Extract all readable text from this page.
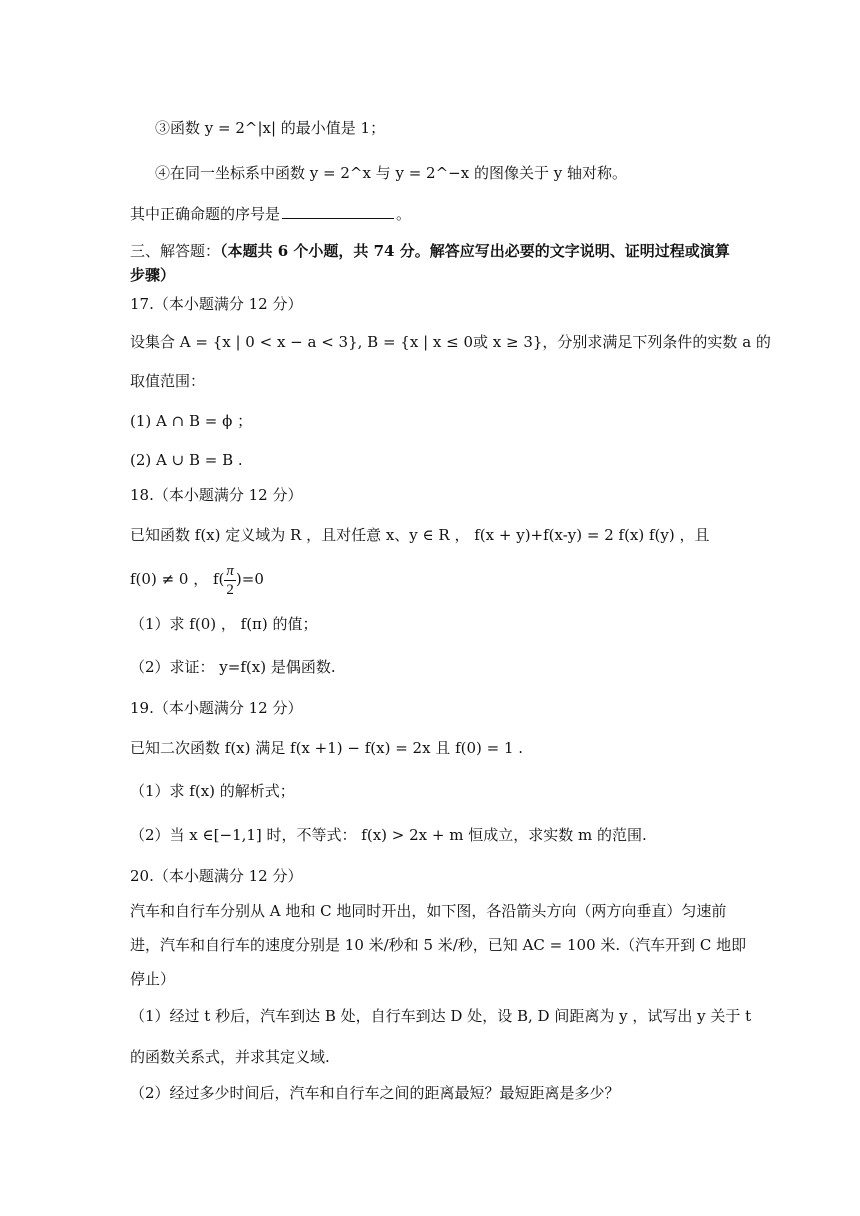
③函数 y = 2^|x| 的最小值是 1；
④在同一坐标系中函数 y = 2^x 与 y = 2^−x 的图像关于 y 轴对称。
其中正确命题的序号是	。
三、解答题：（本题共 6 个小题，共 74 分。解答应写出必要的文字说明、证明过程或演算
步骤）
17.（本小题满分 12 分）
设集合 A = {x | 0 < x − a < 3}, B = {x | x ≤ 0或 x ≥ 3}，分别求满足下列条件的实数 a 的
取值范围：
(1) A ∩ B = ϕ ；
(2) A ∪ B = B .
18.（本小题满分 12 分）
已知函数 f(x) 定义域为 R ，且对任意 x、y ∈ R ， f(x + y)+f(x-y) = 2 f(x) f(y) ，且
f(0) ≠ 0 ， $f( \frac{\pi}{2} )=0$
（1）求 f(0) ， f(π) 的值；
（2）求证： y=f(x) 是偶函数.
19.（本小题满分 12 分）
已知二次函数 f(x) 满足 f(x +1) − f(x) = 2x 且 f(0) = 1 .
（1）求 f(x) 的解析式；
（2）当 x ∈[−1,1] 时，不等式： f(x) > 2x + m 恒成立，求实数 m 的范围.
20.（本小题满分 12 分）
汽车和自行车分别从 A 地和 C 地同时开出，如下图，各沿箭头方向（两方向垂直）匀速前
进，汽车和自行车的速度分别是 10 米/秒和 5 米/秒，已知 AC = 100 米.（汽车开到 C 地即
停止）
（1）经过 t 秒后，汽车到达 B 处，自行车到达 D 处，设 B, D 间距离为 y ，试写出 y 关于 t
的函数关系式，并求其定义域.
（2）经过多少时间后，汽车和自行车之间的距离最短？最短距离是多少？
